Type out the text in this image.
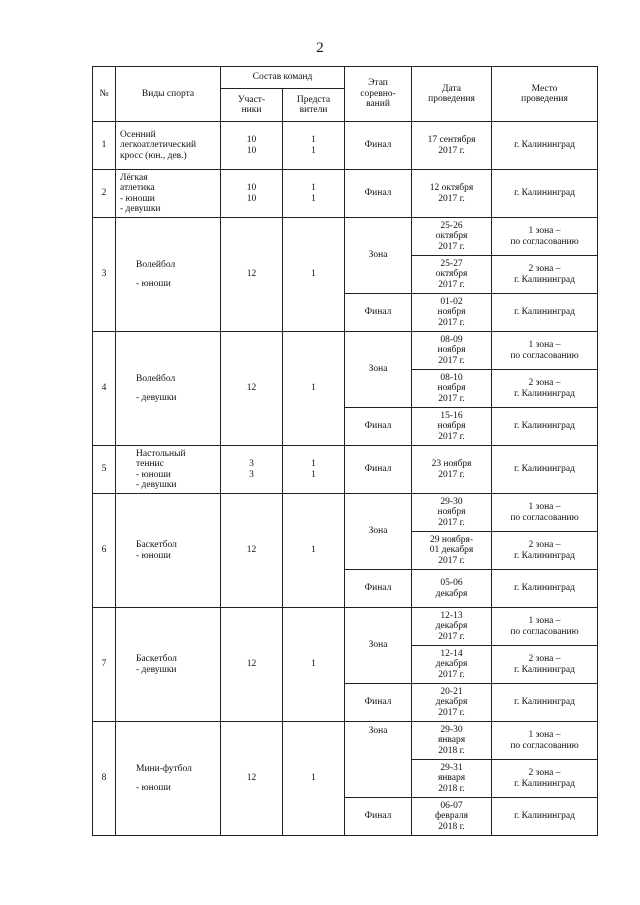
2
№	Виды спорта	Состав команд		Этап
соревно-
ваний	Дата
проведения	Место
проведения
		Участ-
ники	Предста
вители			
1	Осенний
легкоатлетический
кросс (юн., дев.)	10
10	1
1	Финал	17 сентября
2017 г.	г. Калининград
2	Лёгкая
атлетика
- юноши
- девушки	10
10	1
1	Финал	12 октября
2017 г.	г. Калининград
3	Волейбол
- юноши	12	1	Зона	25-26
октября
2017 г.	1 зона –
по согласованию
					25-27
октября
2017 г.	2 зона –
г. Калининград
				Финал	01-02
ноября
2017 г.	г. Калининград
4	Волейбол
- девушки	12	1	Зона	08-09
ноября
2017 г.	1 зона –
по согласованию
					08-10
ноября
2017 г.	2 зона –
г. Калининград
				Финал	15-16
ноября
2017 г.	г. Калининград
5	Настольный
теннис
- юноши
- девушки	3
3	1
1	Финал	23 ноября
2017 г.	г. Калининград
6	Баскетбол
- юноши	12	1	Зона	29-30
ноября
2017 г.	1 зона –
по согласованию
					29 ноября-
01 декабря
2017 г.	2 зона –
г. Калининград
				Финал	05-06
декабря	г. Калининград
7	Баскетбол
- девушки	12	1	Зона	12-13
декабря
2017 г.	1 зона –
по согласованию
					12-14
декабря
2017 г.	2 зона –
г. Калининград
				Финал	20-21
декабря
2017 г.	г. Калининград
8	Мини-футбол
- юноши	12	1	Зона	29-30
января
2018 г.	1 зона –
по согласованию
					29-31
января
2018 г.	2 зона –
г. Калининград
				Финал	06-07
февраля
2018 г.	г. Калининград
